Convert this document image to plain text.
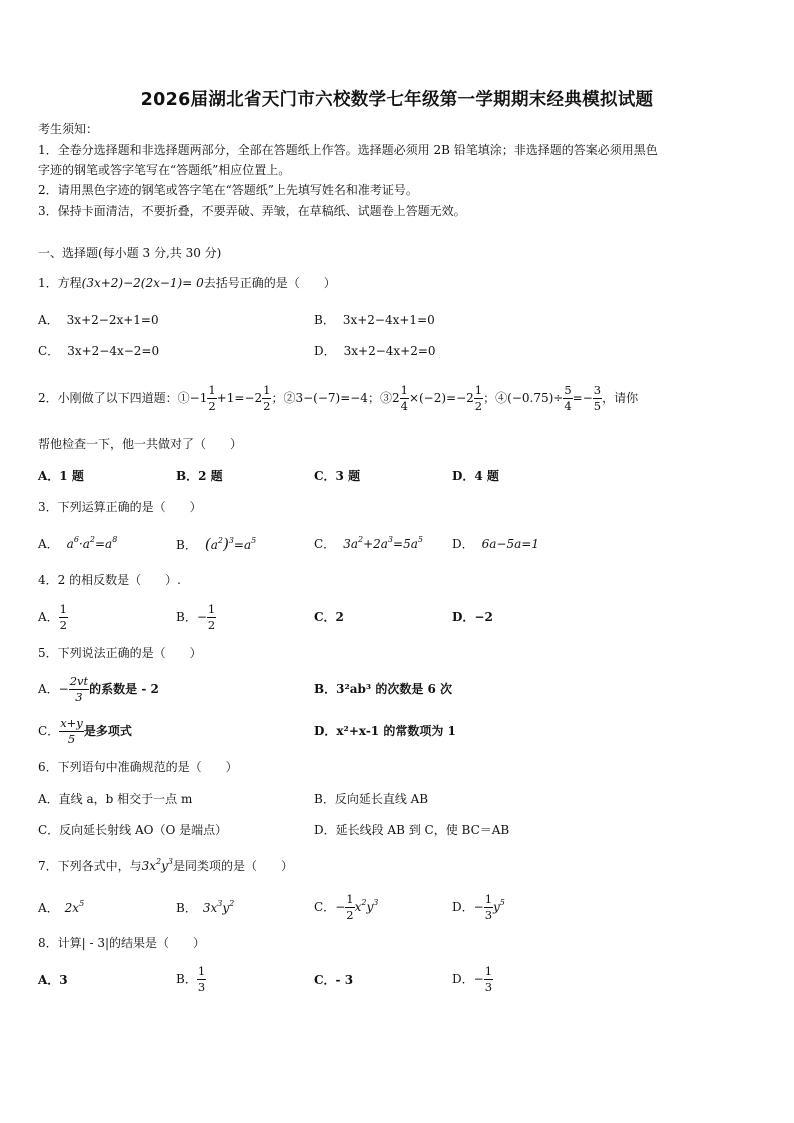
2026届湖北省天门市六校数学七年级第一学期期末经典模拟试题
考生须知：
1．全卷分选择题和非选择题两部分，全部在答题纸上作答。选择题必须用 2B 铅笔填涂；非选择题的答案必须用黑色
字迹的钢笔或答字笔写在“答题纸”相应位置上。
2．请用黑色字迹的钢笔或答字笔在“答题纸”上先填写姓名和准考证号。
3．保持卡面清洁，不要折叠，不要弄破、弄皱，在草稿纸、试题卷上答题无效。
一、选择题(每小题 3 分,共 30 分)
1．方程(3x+2)−2(2x−1)= 0去括号正确的是（　　）
A． 3x+2−2x+1=0	B． 3x+2−4x+1=0
C． 3x+2−4x−2=0	D． 3x+2−4x+2=0
2．小刚做了以下四道题：①−1 $\frac{1}{2} +1=-2 \frac{1}{2}$ ；②3−(−7)=−4；③2 $\frac{1}{4} \times(-2)=-2 \frac{1}{2}$ ；④(−0.75)÷ $\frac{5}{4} =- \frac{3}{5}$ ，请你
帮他检查一下，他一共做对了（　　）
A．1 题	B．2 题	C．3 题	D．4 题
3．下列运算正确的是（　　）
A． $a^6\cdot a^2=a^8$	B． $(a^2)^3=a^5$	C． $3a^2+2a^3=5a^5$ D． 6a−5a=1
4．2 的相反数是（　　）.
A． $\frac{1}{2}$	B．− $\frac{1}{2}$	C．2	D．−2
5．下列说法正确的是（　　）
A．− $\frac{2vt}{3}$ 的系数是 - 2	B．3²ab³ 的次数是 6 次
C． $\frac{x+y}{5}$ 是多项式	D．x²+x-1 的常数项为 1
6．下列语句中准确规范的是（　　）
A．直线 a，b 相交于一点 m	B．反向延长直线 AB
C．反向延长射线 AO（O 是端点）	D．延长线段 AB 到 C，使 BC＝AB
7．下列各式中，与$3x^2y^3$是同类项的是（　　）
A． $2x^5$	B． $3x^3y^2$	C．− $\frac{1}{2} x^2y^3$	D．− $\frac{1}{3} y^5$
8．计算| - 3|的结果是（　　）
A．3	B． $\frac{1}{3}$	C．- 3	D．− $\frac{1}{3}$
